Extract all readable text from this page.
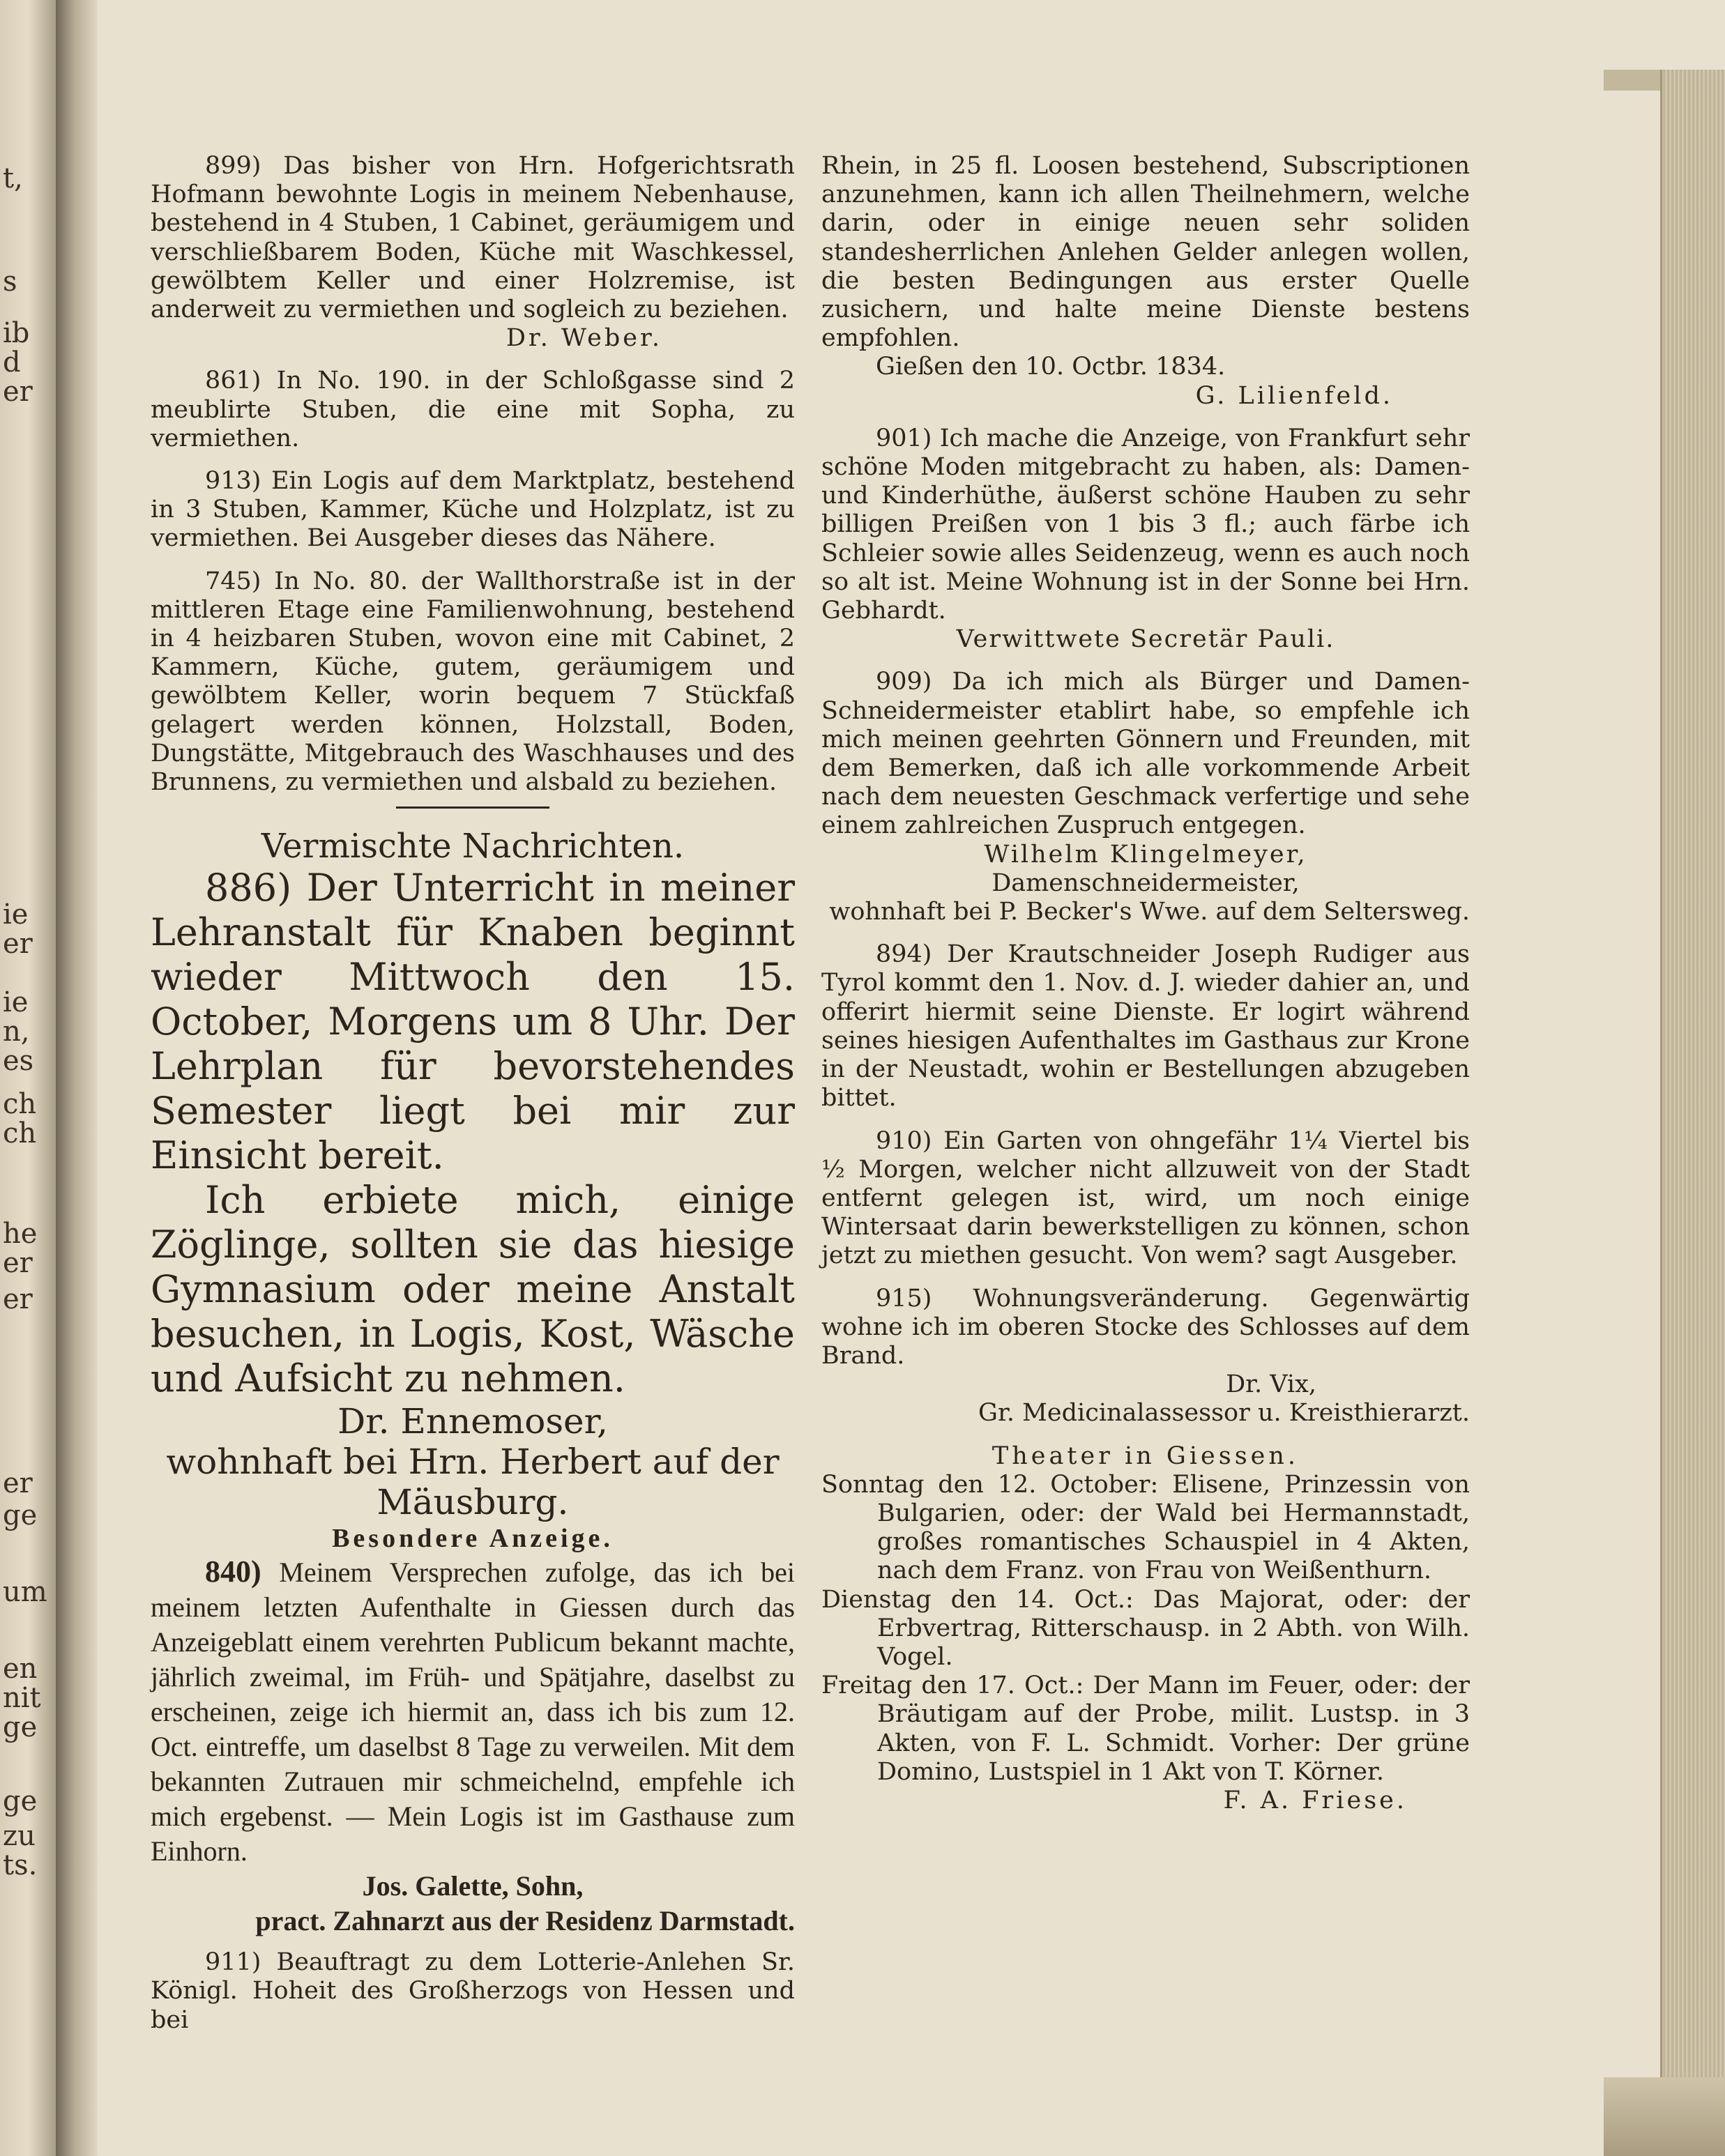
t,
s
ib
d
er
ie
er
ie
n,
es
ch
ch
he
er
er
er
ge
um
en
nit
ge
ge
zu
ts.

899) Das bisher von Hrn. Hofgerichtsrath Hofmann bewohnte Logis in meinem Nebenhause, bestehend in 4 Stuben, 1 Cabinet, geräumigem und verschließbarem Boden, Küche mit Waschkessel, gewölbtem Keller und einer Holzremise, ist anderweit zu vermiethen und sogleich zu beziehen.

Dr. Weber.

861) In No. 190. in der Schloßgasse sind 2 meublirte Stuben, die eine mit Sopha, zu vermiethen.

913) Ein Logis auf dem Marktplatz, bestehend in 3 Stuben, Kammer, Küche und Holzplatz, ist zu vermiethen. Bei Ausgeber dieses das Nähere.

745) In No. 80. der Wallthorstraße ist in der mittleren Etage eine Familienwohnung, bestehend in 4 heizbaren Stuben, wovon eine mit Cabinet, 2 Kammern, Küche, gutem, geräumigem und gewölbtem Keller, worin bequem 7 Stückfaß gelagert werden können, Holzstall, Boden, Dungstätte, Mitgebrauch des Waschhauses und des Brunnens, zu vermiethen und alsbald zu beziehen.

Vermischte Nachrichten.

886) Der Unterricht in meiner Lehranstalt für Knaben beginnt wieder Mittwoch den 15. October, Morgens um 8 Uhr. Der Lehrplan für bevorstehendes Semester liegt bei mir zur Einsicht bereit.

Ich erbiete mich, einige Zöglinge, sollten sie das hiesige Gymnasium oder meine Anstalt besuchen, in Logis, Kost, Wäsche und Aufsicht zu nehmen.

Dr. Ennemoser,

wohnhaft bei Hrn. Herbert auf der Mäusburg.

Besondere Anzeige.

840) Meinem Versprechen zufolge, das ich bei meinem letzten Aufenthalte in Giessen durch das Anzeigeblatt einem verehrten Publicum bekannt machte, jährlich zweimal, im Früh- und Spätjahre, daselbst zu erscheinen, zeige ich hiermit an, dass ich bis zum 12. Oct. eintreffe, um daselbst 8 Tage zu verweilen. Mit dem bekannten Zutrauen mir schmeichelnd, empfehle ich mich ergebenst. — Mein Logis ist im Gasthause zum Einhorn.

Jos. Galette, Sohn,

pract. Zahnarzt aus der Residenz Darmstadt.

911) Beauftragt zu dem Lotterie-Anlehen Sr. Königl. Hoheit des Großherzogs von Hessen und bei

Rhein, in 25 fl. Loosen bestehend, Subscriptionen anzunehmen, kann ich allen Theilnehmern, welche darin, oder in einige neuen sehr soliden standesherrlichen Anlehen Gelder anlegen wollen, die besten Bedingungen aus erster Quelle zusichern, und halte meine Dienste bestens empfohlen.

Gießen den 10. Octbr. 1834.

G. Lilienfeld.

901) Ich mache die Anzeige, von Frankfurt sehr schöne Moden mitgebracht zu haben, als: Damen- und Kinderhüthe, äußerst schöne Hauben zu sehr billigen Preißen von 1 bis 3 fl.; auch färbe ich Schleier sowie alles Seidenzeug, wenn es auch noch so alt ist. Meine Wohnung ist in der Sonne bei Hrn. Gebhardt.

Verwittwete Secretär Pauli.

909) Da ich mich als Bürger und Damen-Schneidermeister etablirt habe, so empfehle ich mich meinen geehrten Gönnern und Freunden, mit dem Bemerken, daß ich alle vorkommende Arbeit nach dem neuesten Geschmack verfertige und sehe einem zahlreichen Zuspruch entgegen.

Wilhelm Klingelmeyer,

Damenschneidermeister,

wohnhaft bei P. Becker's Wwe. auf dem Seltersweg.

894) Der Krautschneider Joseph Rudiger aus Tyrol kommt den 1. Nov. d. J. wieder dahier an, und offerirt hiermit seine Dienste. Er logirt während seines hiesigen Aufenthaltes im Gasthaus zur Krone in der Neustadt, wohin er Bestellungen abzugeben bittet.

910) Ein Garten von ohngefähr 1¼ Viertel bis ½ Morgen, welcher nicht allzuweit von der Stadt entfernt gelegen ist, wird, um noch einige Wintersaat darin bewerkstelligen zu können, schon jetzt zu miethen gesucht. Von wem? sagt Ausgeber.

915) Wohnungsveränderung. Gegenwärtig wohne ich im oberen Stocke des Schlosses auf dem Brand.

Dr. Vix,

Gr. Medicinalassessor u. Kreisthierarzt.

Theater in Giessen.

Sonntag den 12. October: Elisene, Prinzessin von Bulgarien, oder: der Wald bei Hermannstadt, großes romantisches Schauspiel in 4 Akten, nach dem Franz. von Frau von Weißenthurn.

Dienstag den 14. Oct.: Das Majorat, oder: der Erbvertrag, Ritterschausp. in 2 Abth. von Wilh. Vogel.

Freitag den 17. Oct.: Der Mann im Feuer, oder: der Bräutigam auf der Probe, milit. Lustsp. in 3 Akten, von F. L. Schmidt. Vorher: Der grüne Domino, Lustspiel in 1 Akt von T. Körner.

F. A. Friese.
